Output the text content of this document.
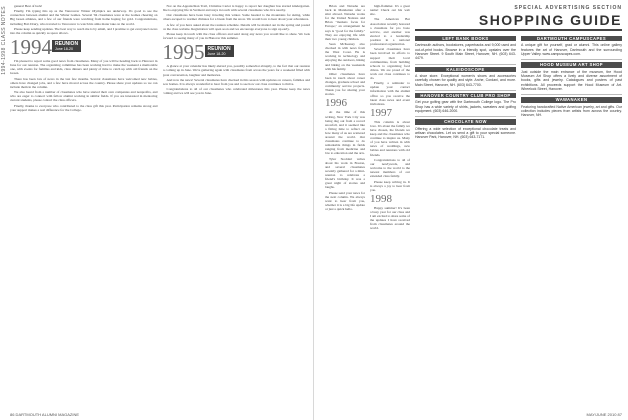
1994-1998 CLASS NOTES	general Best of luck!

Finally, I'm typing this up as the Vancouver Winter Olympics are underway. It's good to see the connection between alumni and the Winter Games. Several '94 classmates were at the Games cheering on Big Green athletes, and a few of our friends were watching from home hoping for gold. Congratulations, including Bob Drury, who traveled to Vancouver to watch his alma mater take on the world.

Please keep sending updates. The best way to reach me is by email, and I promise to get everyone's news into the column as quickly as space allows.

1994 REUNION
June 18-20

I'm pleased to report some good news from classmates. Many of you will be heading back to Hanover in June for our reunion. The organizing committee has been working hard to make the weekend a memorable one, with events for families and kids, class dinners and plenty of time to catch up with old friends on the Green.

There has been lots of news in the last few months. Several classmates have welcomed new babies, others have changed jobs, and a few have moved across the country. Please share your updates so we can include them in the column.

We also heard from a number of classmates who have started their own companies and nonprofits, and who are eager to connect with fellow alumni working in similar fields. If you are interested in mentoring current students, please contact the class officers.

Finally, thanks to everyone who contributed to the class gift this year. Participation remains strong and your support makes a real difference for the College.

Not on the Appalachian Trail, Christine Carter is happy to report her daughter has started kindergarten. She is enjoying life in Vermont and stays in touch with several classmates who live nearby.

Our classmates have been busy traveling this winter. Some headed to the mountains for skiing, while others escaped to warmer climates for a break from the snow. We would love to hear about your adventures.

A few of you have asked about the reunion schedule. Details will be mailed out in the spring and posted on the class website. Registration will open soon and we encourage everyone to sign up early.

Please keep in touch with the class officers and send along any news you would like to share. We look forward to seeing many of you in Hanover this summer.

1995 REUNION
June 18-20

A glance at your calendar has likely alerted you, possibly somewhat abruptly, to the fact that our reunion is coming up in June. We're gathering again with classmates from across the years for a weekend filled with great conversation, laughter and memories.

And now the news! Several classmates have checked in this season with updates on careers, families and new homes. It is always wonderful to hear from you and to see how our class continues to thrive.

Congratulations to all of our classmates who celebrated milestones this year. Please keep the news coming and we will see you in June.

86 DARTMOUTH ALUMNI MAGAZINE

Brian and Natasha are back in Manhattan after a stint abroad. Natasha works for the United Nations and Brian ''markets focus for Europe,'' an arrangement he says is ''good for the family.'' They are enjoying life with their two young children.

Sean McKeeney also checked in with news from the West Coast. He is working in technology and enjoying the outdoors, hiking and biking on the weekends with his family.

Other classmates have been in touch about career changes, graduate school and community service projects. Thank you for sharing your stories.

1996

At the time of this writing, New York City was being dug out from a record snowfall, and it seemed like a fitting time to reflect on how many of us are scattered around the world. Our classmates continue to do remarkable things in fields ranging from medicine and law to education and the arts.

Tyler Stoddart writes about his work in Boston, and several classmates recently gathered for a mini-reunion to celebrate a friend's birthday. It was a great night of stories and laughs.

Please send your news for the next column. We always want to hear from you, whether it is a big life update or just a quick hello.

high-flammer. It's a great name! Check out his web site.

The American Bar Association recently honored a classmate for pro bono service, and another was elected to a leadership position in a national professional organization.

Several classmates have been involved in efforts to support their local communities, from building schools to organizing food drives. We are proud of the work our class continues to do.

Finally, a reminder to update your contact information with the alumni office so you receive the latest class news and event invitations.

1997

This column is about love. It's about the family we have chosen, the friends we keep and the classmates who continue to inspire us. Many of you have written in with news of weddings, new babies and reunions with old friends.

Congratulations to all of our newlyweds, and welcome to the world to the newest members of our extended class family.

Please keep writing in. It is always a joy to hear from you.

1998

Happy summer! It's been a busy year for our class and I am excited to share some of the updates I have received from classmates around the world.

SPECIAL ADVERTISING SECTION
SHOPPING GUIDE
LEFT BANK BOOKS
Dartmouth authors, bookstores, paperbacks and 9,000 used and out-of-print books. Browse in a friendly spot, upstairs over the Hanover Street. 9 South Main Street, Hanover, NH. (603) 643-4479.
KALEIDOSCOPE
A shoe store. Exceptional women's shoes and accessories carefully chosen for quality and style. Arche, Cordani, and more. Main Street, Hanover, NH. (603) 643-7700.
HANOVER COUNTRY CLUB PRO SHOP
Get your golfing gear with the Dartmouth College logo. The Pro Shop has a wide variety of shirts, jackets, sweaters and golfing equipment. (603) 646-2000.
CHOCOLATE NOW
Offering a wide selection of exceptional chocolate treats and artisan chocolates. Let us send a gift to your special someone. Hanover Park, Hanover, NH. (603) 643-7171.
DARTMOUTH CAMPUSCAPES
A unique gift for yourself, grad or alumni. This online gallery features the art of Hanover, Dartmouth and the surrounding Upper Valley. www.campuscapes.com.
HOOD MUSEUM ART SHOP
Just outside the main entrance of the museum, the Hood Museum Art Shop offers a lively and diverse assortment of books, gifts and jewelry. Catalogues and posters of past exhibitions. All proceeds support the Hood Museum of Art. Wheelock Street, Hanover.
WAWANAKEN
Featuring handcrafted Native American jewelry, art and gifts. Our collection includes pieces from artists from across the country. Hanover, NH.
MAY/JUNE 2010 87
